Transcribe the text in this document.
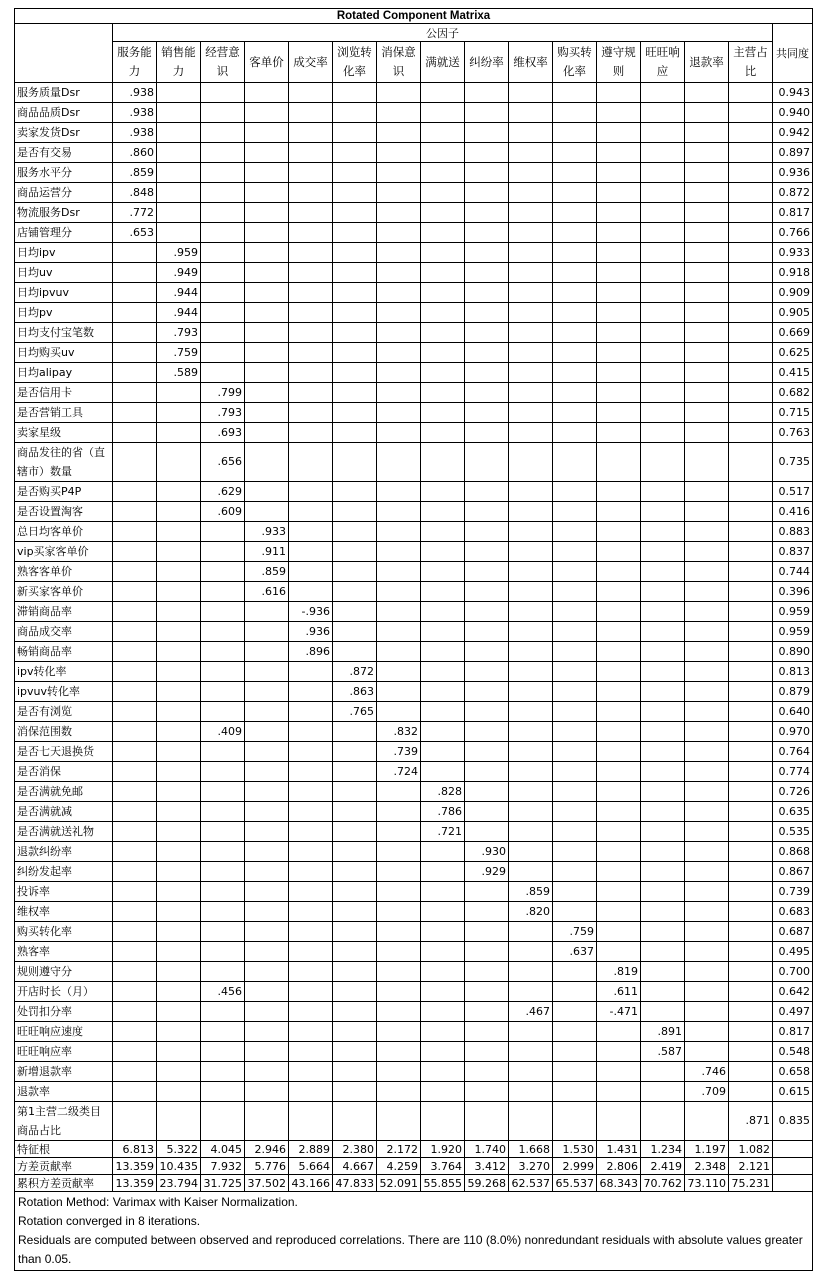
Rotated Component Matrixa																
	公因子															共同度
	服务能力	销售能力	经营意识	客单价	成交率	浏览转化率	消保意识	满就送	纠纷率	维权率	购买转化率	遵守规则	旺旺响应	退款率	主营占比	
服务质量Dsr	.938															0.943
商品品质Dsr	.938															0.940
卖家发货Dsr	.938															0.942
是否有交易	.860															0.897
服务水平分	.859															0.936
商品运营分	.848															0.872
物流服务Dsr	.772															0.817
店铺管理分	.653															0.766
日均ipv		.959														0.933
日均uv		.949														0.918
日均ipvuv		.944														0.909
日均pv		.944														0.905
日均支付宝笔数		.793														0.669
日均购买uv		.759														0.625
日均alipay		.589														0.415
是否信用卡			.799													0.682
是否营销工具			.793													0.715
卖家星级			.693													0.763
商品发往的省（直辖市）数量			.656													0.735
是否购买P4P			.629													0.517
是否设置淘客			.609													0.416
总日均客单价				.933												0.883
vip买家客单价				.911												0.837
熟客客单价				.859												0.744
新买家客单价				.616												0.396
滞销商品率					-.936											0.959
商品成交率					.936											0.959
畅销商品率					.896											0.890
ipv转化率						.872										0.813
ipvuv转化率						.863										0.879
是否有浏览						.765										0.640
消保范围数			.409				.832									0.970
是否七天退换货							.739									0.764
是否消保							.724									0.774
是否满就免邮								.828								0.726
是否满就减								.786								0.635
是否满就送礼物								.721								0.535
退款纠纷率									.930							0.868
纠纷发起率									.929							0.867
投诉率										.859						0.739
维权率										.820						0.683
购买转化率											.759					0.687
熟客率											.637					0.495
规则遵守分												.819				0.700
开店时长（月）			.456									.611				0.642
处罚扣分率										.467		-.471				0.497
旺旺响应速度													.891			0.817
旺旺响应率													.587			0.548
新增退款率														.746		0.658
退款率														.709		0.615
第1主营二级类目商品占比															.871	0.835
特征根	6.813	5.322	4.045	2.946	2.889	2.380	2.172	1.920	1.740	1.668	1.530	1.431	1.234	1.197	1.082	
方差贡献率	13.359	10.435	7.932	5.776	5.664	4.667	4.259	3.764	3.412	3.270	2.999	2.806	2.419	2.348	2.121	
累积方差贡献率	13.359	23.794	31.725	37.502	43.166	47.833	52.091	55.855	59.268	62.537	65.537	68.343	70.762	73.110	75.231	

Rotation Method: Varimax with Kaiser Normalization.
Rotation converged in 8 iterations.
Residuals are computed between observed and reproduced correlations. There are 110 (8.0%) nonredundant residuals with absolute values greater than 0.05.																
